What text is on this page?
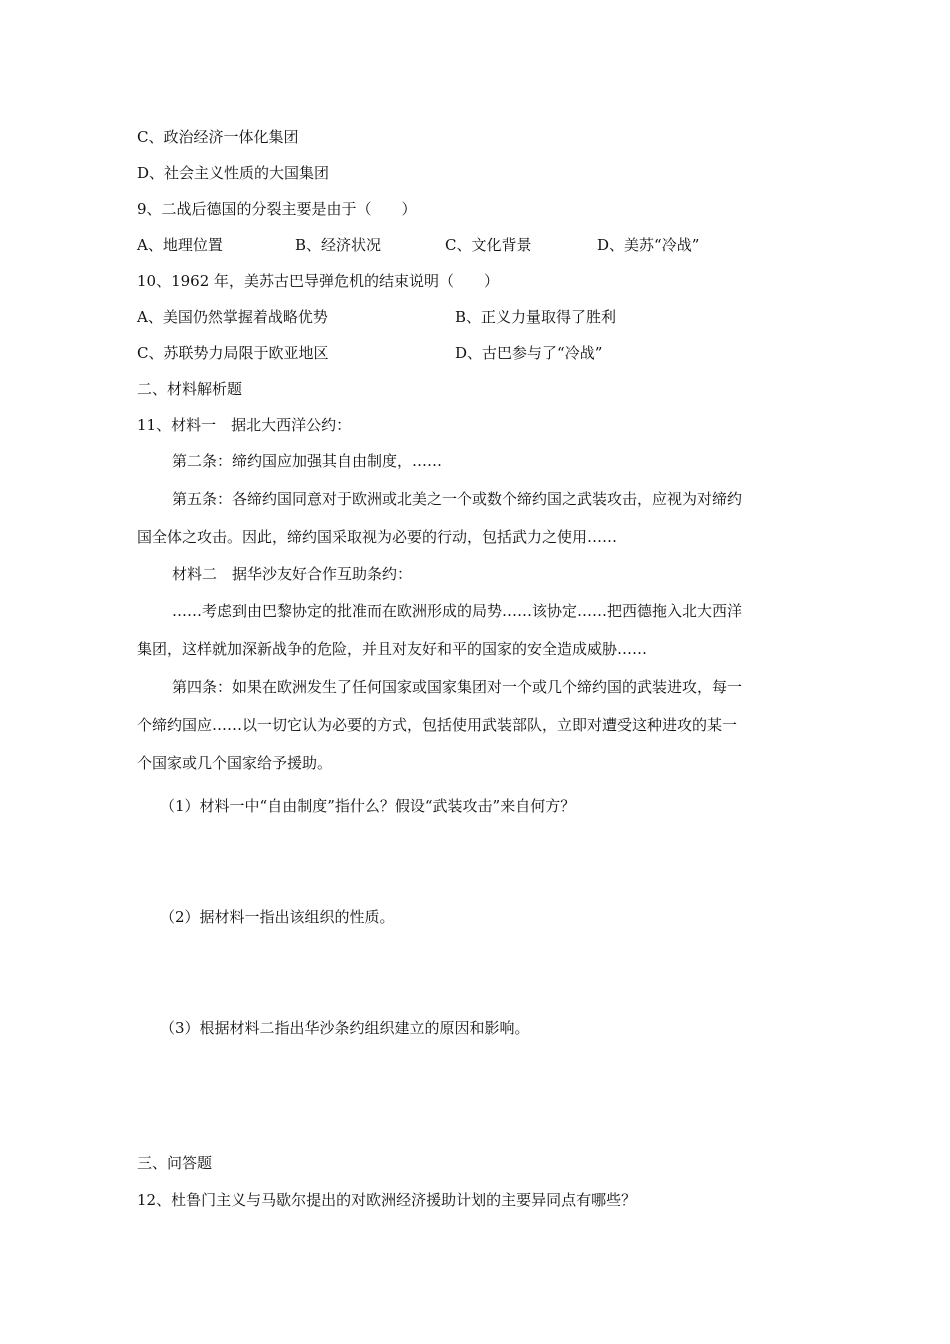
C、政治经济一体化集团
D、社会主义性质的大国集团
9、二战后德国的分裂主要是由于（　　）
A、地理位置	B、经济状况	C、文化背景	D、美苏“冷战”
10、1962 年，美苏古巴导弹危机的结束说明（　　）
A、美国仍然掌握着战略优势	B、正义力量取得了胜利
C、苏联势力局限于欧亚地区	D、古巴参与了“冷战”
二、材料解析题
11、材料一　据北大西洋公约：
第二条：缔约国应加强其自由制度，……
第五条：各缔约国同意对于欧洲或北美之一个或数个缔约国之武装攻击，应视为对缔约
国全体之攻击。因此，缔约国采取视为必要的行动，包括武力之使用……
材料二　据华沙友好合作互助条约：
……考虑到由巴黎协定的批准而在欧洲形成的局势……该协定……把西德拖入北大西洋
集团，这样就加深新战争的危险，并且对友好和平的国家的安全造成威胁……
第四条：如果在欧洲发生了任何国家或国家集团对一个或几个缔约国的武装进攻，每一
个缔约国应……以一切它认为必要的方式，包括使用武装部队，立即对遭受这种进攻的某一
个国家或几个国家给予援助。
（1）材料一中“自由制度”指什么？假设“武装攻击”来自何方？
（2）据材料一指出该组织的性质。
（3）根据材料二指出华沙条约组织建立的原因和影响。
三、问答题
12、杜鲁门主义与马歇尔提出的对欧洲经济援助计划的主要异同点有哪些？
